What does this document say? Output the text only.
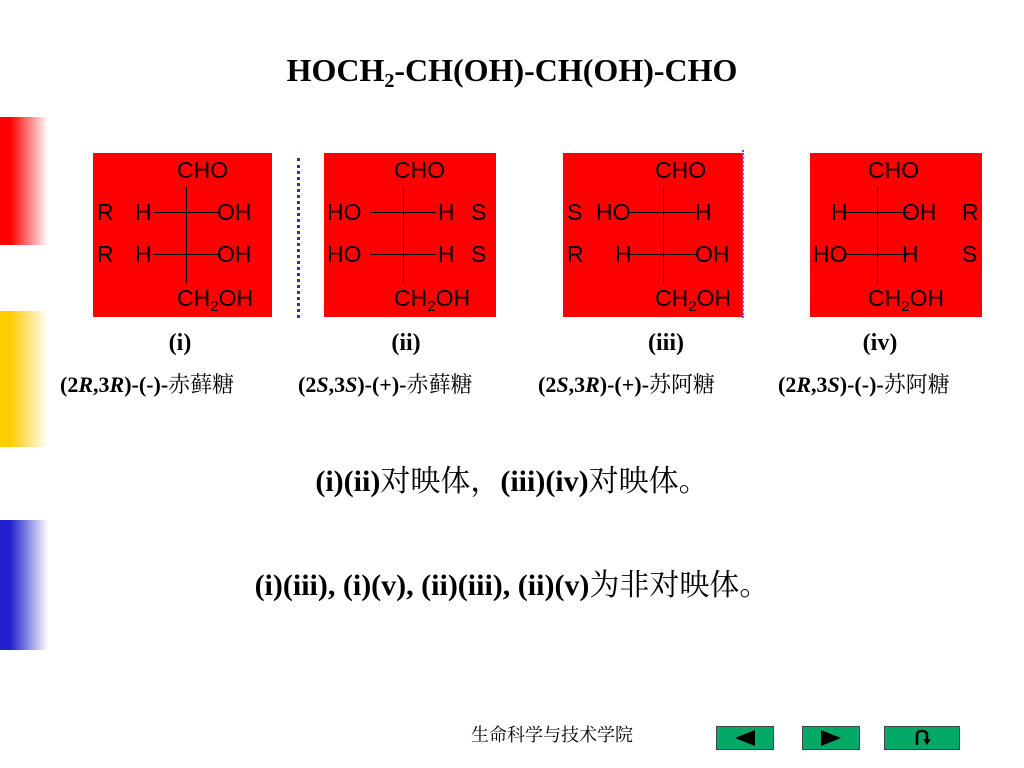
$HOCH_2-CH(OH)-CH(OH)$-CHO
CHO
R H	OH
R H	OH
$CH_2OH$
CHO
HO	H S
HO	H S
$CH_2OH$
CHO
S HO	H
R H	OH
$CH_2OH$
CHO
H OH R
HO H S
$CH_2OH$
(i)	(ii)	(iii)	(iv)
(2R,3R)-(-)-赤藓糖	(2S,3S)-(+)-赤藓糖	(2S,3R)-(+)-苏阿糖	(2R,3S)-(-)-苏阿糖
(i)(ii)对映体，(iii)(iv)对映体。
(i)(iii), (i)(v), (ii)(iii), (ii)(v)为非对映体。
生命科学与技术学院
